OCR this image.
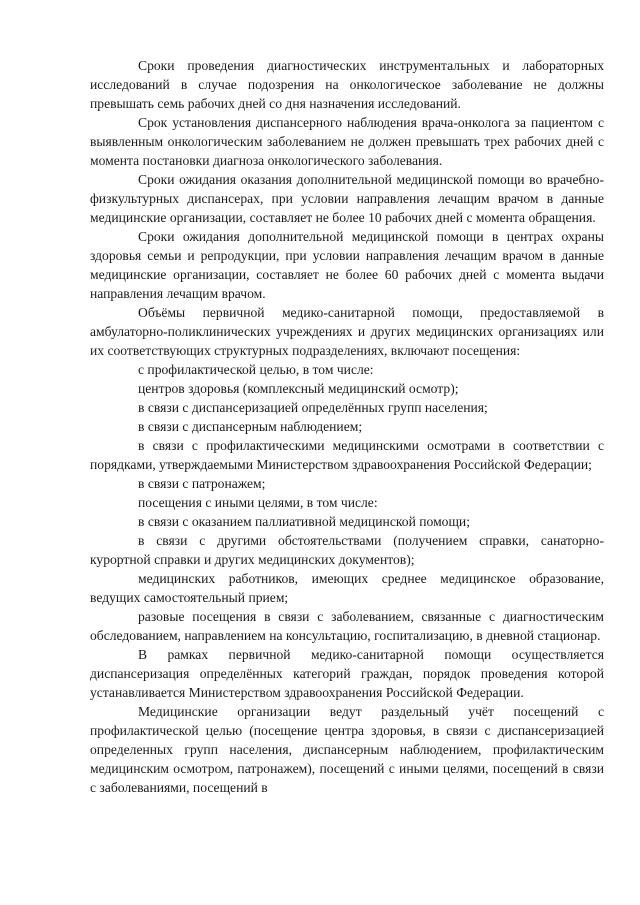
Сроки проведения диагностических инструментальных и лабораторных исследований в случае подозрения на онкологическое заболевание не должны превышать семь рабочих дней со дня назначения исследований.

Срок установления диспансерного наблюдения врача-онколога за пациентом с выявленным онкологическим заболеванием не должен превышать трех рабочих дней с момента постановки диагноза онкологического заболевания.

Сроки ожидания оказания дополнительной медицинской помощи во врачебно-физкультурных диспансерах, при условии направления лечащим врачом в данные медицинские организации, составляет не более 10 рабочих дней с момента обращения.

Сроки ожидания дополнительной медицинской помощи в центрах охраны здоровья семьи и репродукции, при условии направления лечащим врачом в данные медицинские организации, составляет не более 60 рабочих дней с момента выдачи направления лечащим врачом.

Объёмы первичной медико-санитарной помощи, предоставляемой в амбулаторно-поликлинических учреждениях и других медицинских организациях или их соответствующих структурных подразделениях, включают посещения:

с профилактической целью, в том числе:

центров здоровья (комплексный медицинский осмотр);

в связи с диспансеризацией определённых групп населения;

в связи с диспансерным наблюдением;

в связи с профилактическими медицинскими осмотрами в соответствии с порядками, утверждаемыми Министерством здравоохранения Российской Федерации;

в связи с патронажем;

посещения с иными целями, в том числе:

в связи с оказанием паллиативной медицинской помощи;

в связи с другими обстоятельствами (получением справки, санаторно-курортной справки и других медицинских документов);

медицинских работников, имеющих среднее медицинское образование, ведущих самостоятельный прием;

разовые посещения в связи с заболеванием, связанные с диагностическим обследованием, направлением на консультацию, госпитализацию, в дневной стационар.

В рамках первичной медико-санитарной помощи осуществляется диспансеризация определённых категорий граждан, порядок проведения которой устанавливается Министерством здравоохранения Российской Федерации.

Медицинские организации ведут раздельный учёт посещений с профилактической целью (посещение центра здоровья, в связи с диспансеризацией определенных групп населения, диспансерным наблюдением, профилактическим медицинским осмотром, патронажем), посещений с иными целями, посещений в связи с заболеваниями, посещений в
